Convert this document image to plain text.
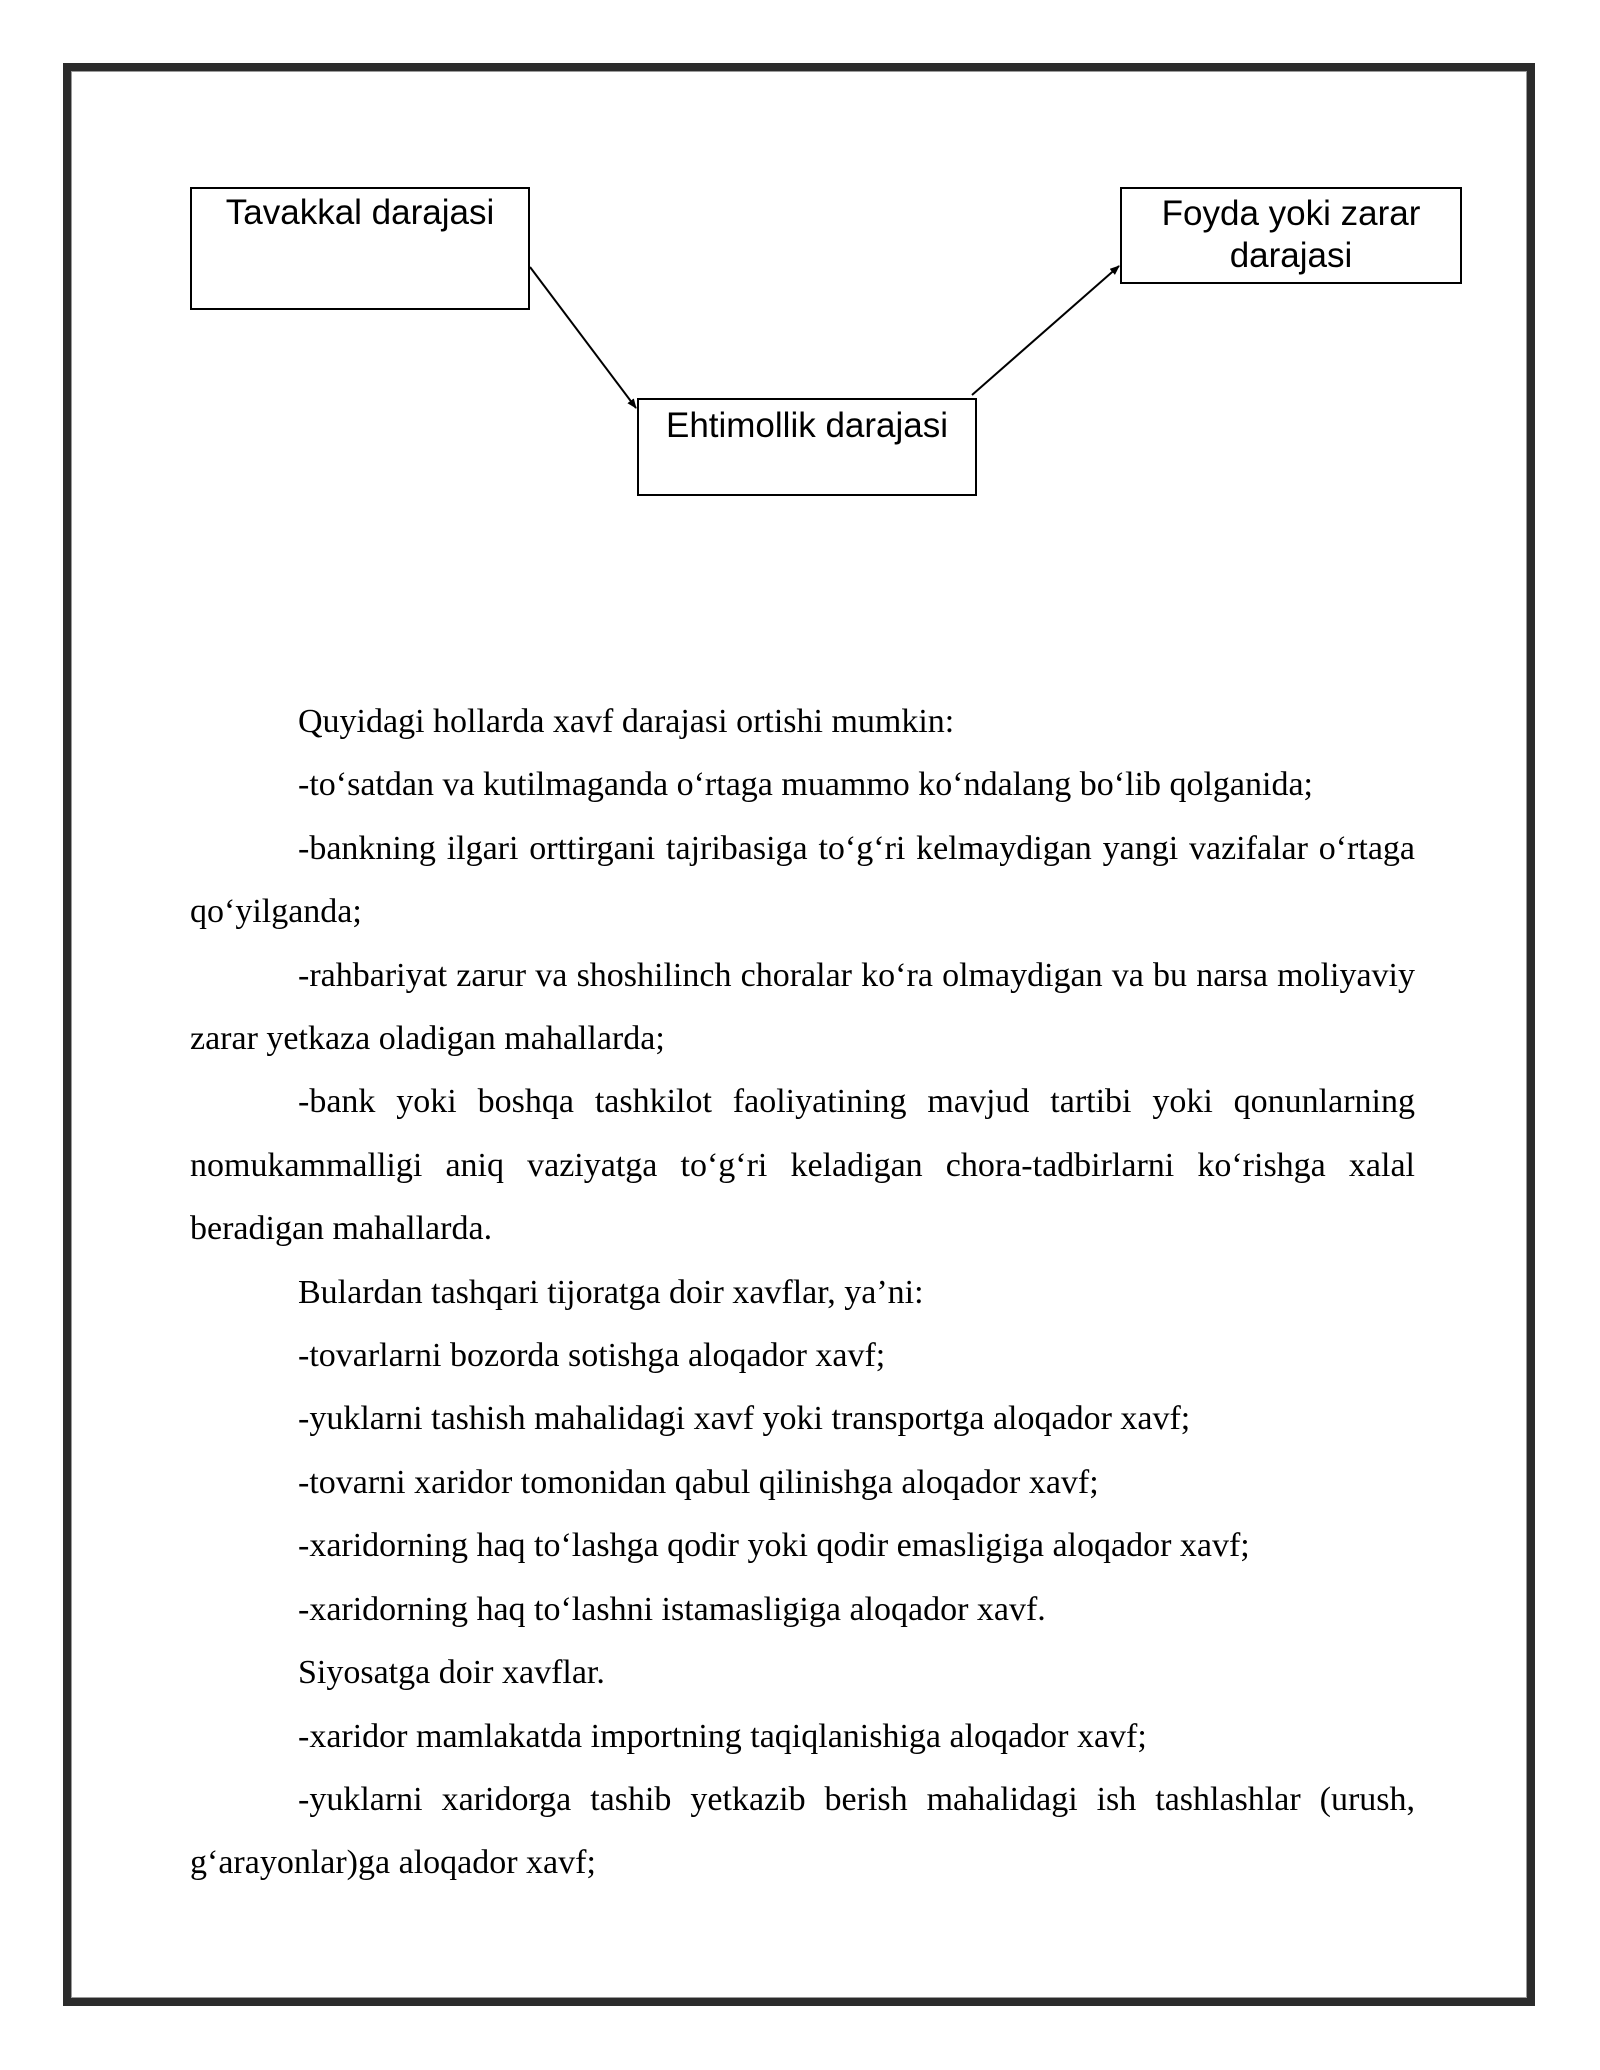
Tavakkal darajasi	Foyda yoki zarar
darajasi
Ehtimollik darajasi

Quyidagi hollarda xavf darajasi ortishi mumkin:

-to‘satdan va kutilmaganda o‘rtaga muammo ko‘ndalang bo‘lib qolganida;

-bankning ilgari orttirgani tajribasiga to‘g‘ri kelmaydigan yangi vazifalar o‘rtaga qo‘yilganda;

-rahbariyat zarur va shoshilinch choralar ko‘ra olmaydigan va bu narsa moliyaviy zarar yetkaza oladigan mahallarda;

-bank yoki boshqa tashkilot faoliyatining mavjud tartibi yoki qonunlarning nomukammalligi aniq vaziyatga to‘g‘ri keladigan chora-tadbirlarni ko‘rishga xalal beradigan mahallarda.

Bulardan tashqari tijoratga doir xavflar, ya’ni:

-tovarlarni bozorda sotishga aloqador xavf;

-yuklarni tashish mahalidagi xavf yoki transportga aloqador xavf;

-tovarni xaridor tomonidan qabul qilinishga aloqador xavf;

-xaridorning haq to‘lashga qodir yoki qodir emasligiga aloqador xavf;

-xaridorning haq to‘lashni istamasligiga aloqador xavf.

Siyosatga doir xavflar.

-xaridor mamlakatda importning taqiqlanishiga aloqador xavf;

-yuklarni xaridorga tashib yetkazib berish mahalidagi ish tashlashlar (urush, g‘arayonlar)ga aloqador xavf;
